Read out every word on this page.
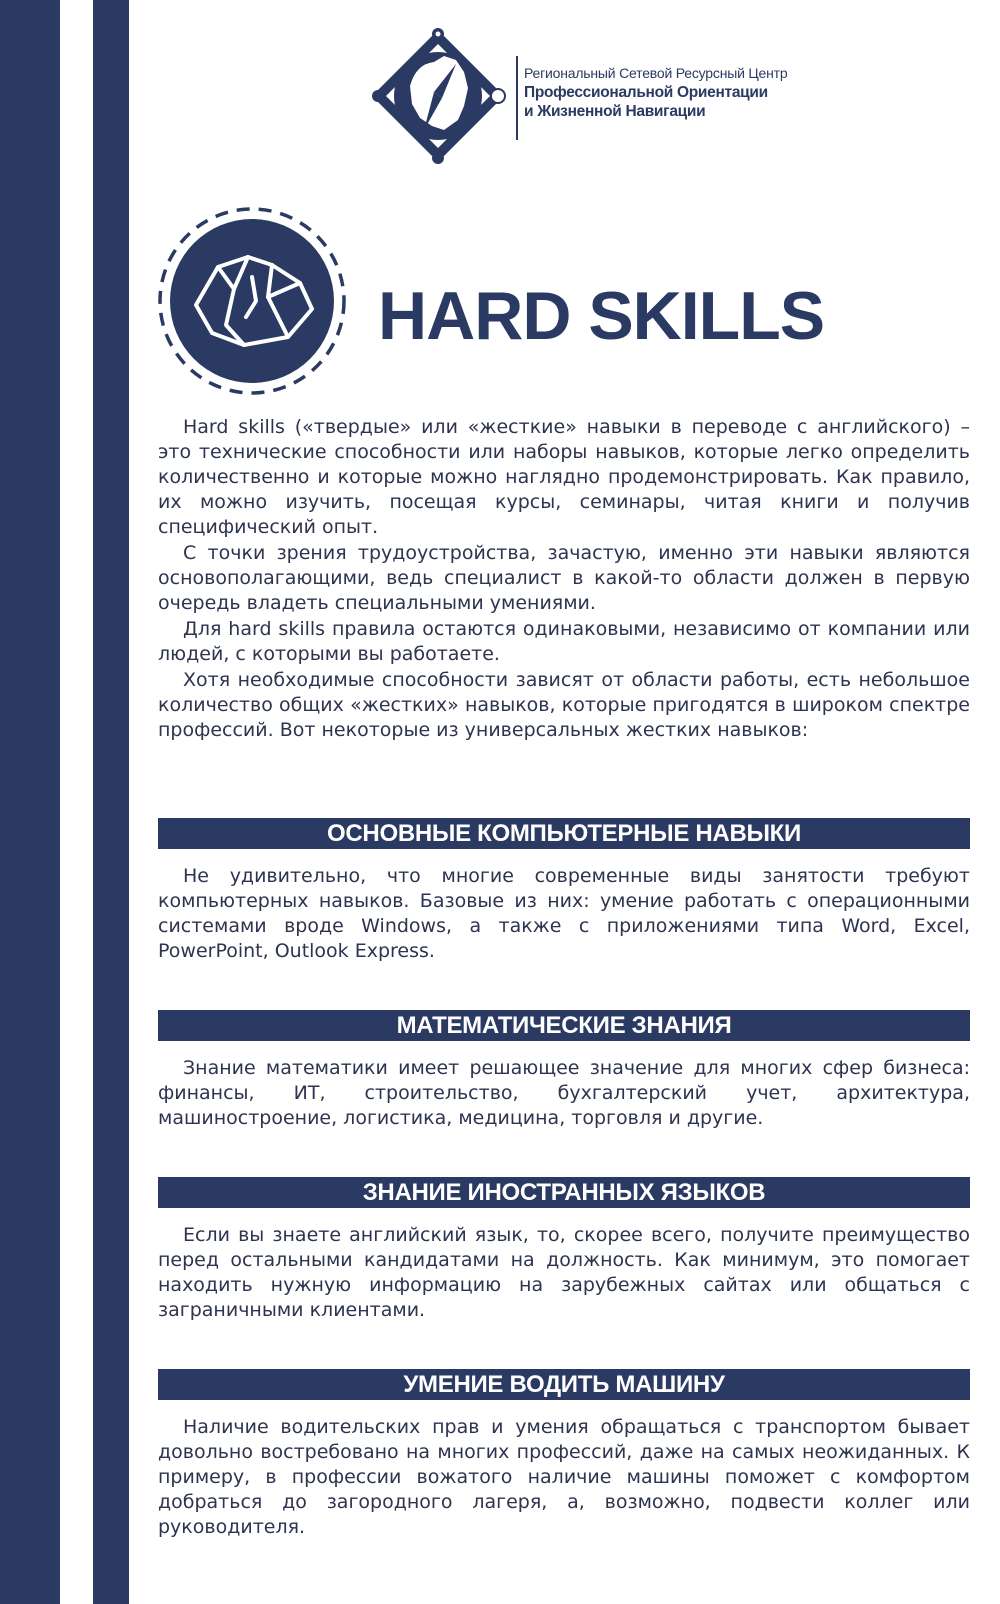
Региональный Сетевой Ресурсный Центр
Профессиональной Ориентации
и Жизненной Навигации
HARD SKILLS

Hard skills («твердые» или «жесткие» навыки в переводе с английского) – это технические способности или наборы навыков, которые легко определить количественно и которые можно наглядно продемонстрировать. Как правило, их можно изучить, посещая курсы, семинары, читая книги и получив специфический опыт.

С точки зрения трудоустройства, зачастую, именно эти навыки являются основополагающими, ведь специалист в какой-то области должен в первую очередь владеть специальными умениями.

Для hard skills правила остаются одинаковыми, независимо от компании или людей, с которыми вы работаете.

Хотя необходимые способности зависят от области работы, есть небольшое количество общих «жестких» навыков, которые пригодятся в широком спектре профессий. Вот некоторые из универсальных жестких навыков:

ОСНОВНЫЕ КОМПЬЮТЕРНЫЕ НАВЫКИ

Не удивительно, что многие современные виды занятости требуют компьютерных навыков. Базовые из них: умение работать с операционными системами вроде Windows, а также с приложениями типа Word, Excel, PowerPoint, Outlook Express.

МАТЕМАТИЧЕСКИЕ ЗНАНИЯ

Знание математики имеет решающее значение для многих сфер бизнеса: финансы, ИТ, строительство, бухгалтерский учет, архитектура, машиностроение, логистика, медицина, торговля и другие.

ЗНАНИЕ ИНОСТРАННЫХ ЯЗЫКОВ

Если вы знаете английский язык, то, скорее всего, получите преимущество перед остальными кандидатами на должность. Как минимум, это помогает находить нужную информацию на зарубежных сайтах или общаться с заграничными клиентами.

УМЕНИЕ ВОДИТЬ МАШИНУ

Наличие водительских прав и умения обращаться с транспортом бывает довольно востребовано на многих профессий, даже на самых неожиданных. К примеру, в профессии вожатого наличие машины поможет с комфортом добраться до загородного лагеря, а, возможно, подвести коллег или руководителя.
